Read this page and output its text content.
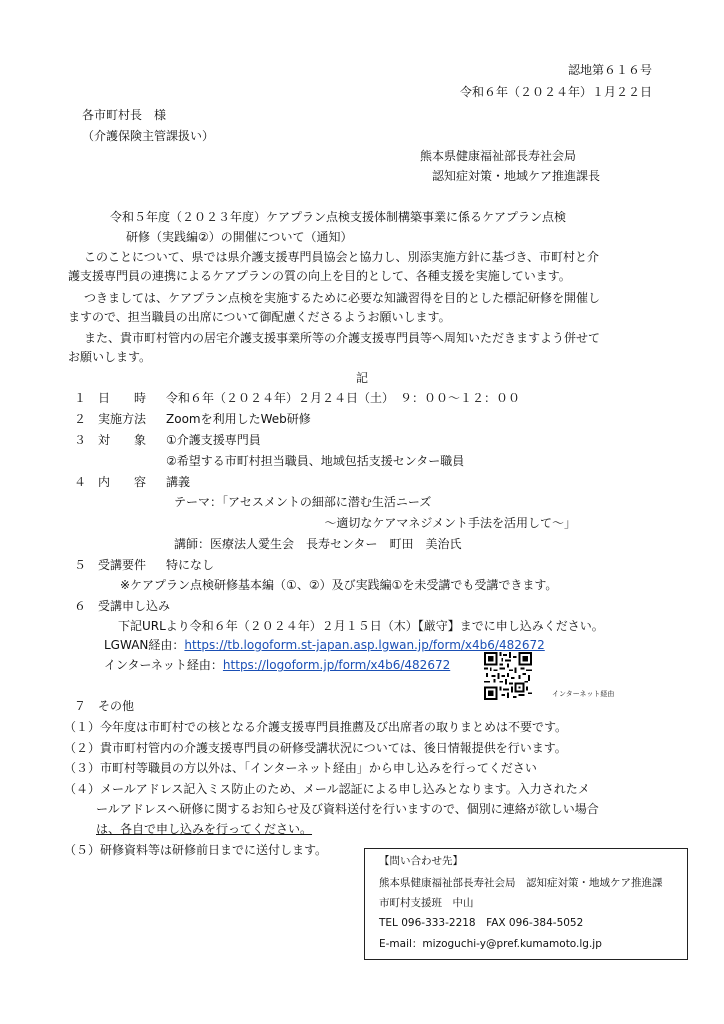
認地第６１６号
令和６年（２０２４年）１月２２日
各市町村長　様
（介護保険主管課扱い）
熊本県健康福祉部長寿社会局
認知症対策・地域ケア推進課長
令和５年度（２０２３年度）ケアプラン点検支援体制構築事業に係るケアプラン点検
研修（実践編②）の開催について（通知）
このことについて、県では県介護支援専門員協会と協力し、別添実施方針に基づき、市町村と介
護支援専門員の連携によるケアプランの質の向上を目的として、各種支援を実施しています。
つきましては、ケアプラン点検を実施するために必要な知識習得を目的とした標記研修を開催し
ますので、担当職員の出席について御配慮くださるようお願いします。
また、貴市町村管内の居宅介護支援事業所等の介護支援専門員等へ周知いただきますよう併せて
お願いします。
記
１ 日　　時 令和６年（２０２４年）２月２４日（土）　９：００～１２：００
２ 実施方法 Zoomを利用したWeb研修
３ 対　　象 ①介護支援専門員
②希望する市町村担当職員、地域包括支援センター職員
４ 内　　容 講義
テーマ：「アセスメントの細部に潜む生活ニーズ
～適切なケアマネジメント手法を活用して～」
講師：医療法人愛生会　長寿センター　町田　美治氏
５ 受講要件 特になし
※ケアプラン点検研修基本編（①、②）及び実践編①を未受講でも受講できます。
６ 受講申し込み
下記URLより令和６年（２０２４年）２月１５日（木）【厳守】までに申し込みください。
LGWAN経由：https://tb.logoform.st-japan.asp.lgwan.jp/form/x4b6/482672
インターネット経由：https://logoform.jp/form/x4b6/482672
インターネット経由
７ その他
（１）今年度は市町村での核となる介護支援専門員推薦及び出席者の取りまとめは不要です。
（２）貴市町村管内の介護支援専門員の研修受講状況については、後日情報提供を行います。
（３）市町村等職員の方以外は、「インターネット経由」から申し込みを行ってください
（４）メールアドレス記入ミス防止のため、メール認証による申し込みとなります。入力されたメ
ールアドレスへ研修に関するお知らせ及び資料送付を行いますので、個別に連絡が欲しい場合
は、各自で申し込みを行ってください。
（５）研修資料等は研修前日までに送付します。
【問い合わせ先】
熊本県健康福祉部長寿社会局　認知症対策・地域ケア推進課
市町村支援班　中山
TEL 096-333-2218　FAX 096-384-5052
E-mail：mizoguchi-y@pref.kumamoto.lg.jp
